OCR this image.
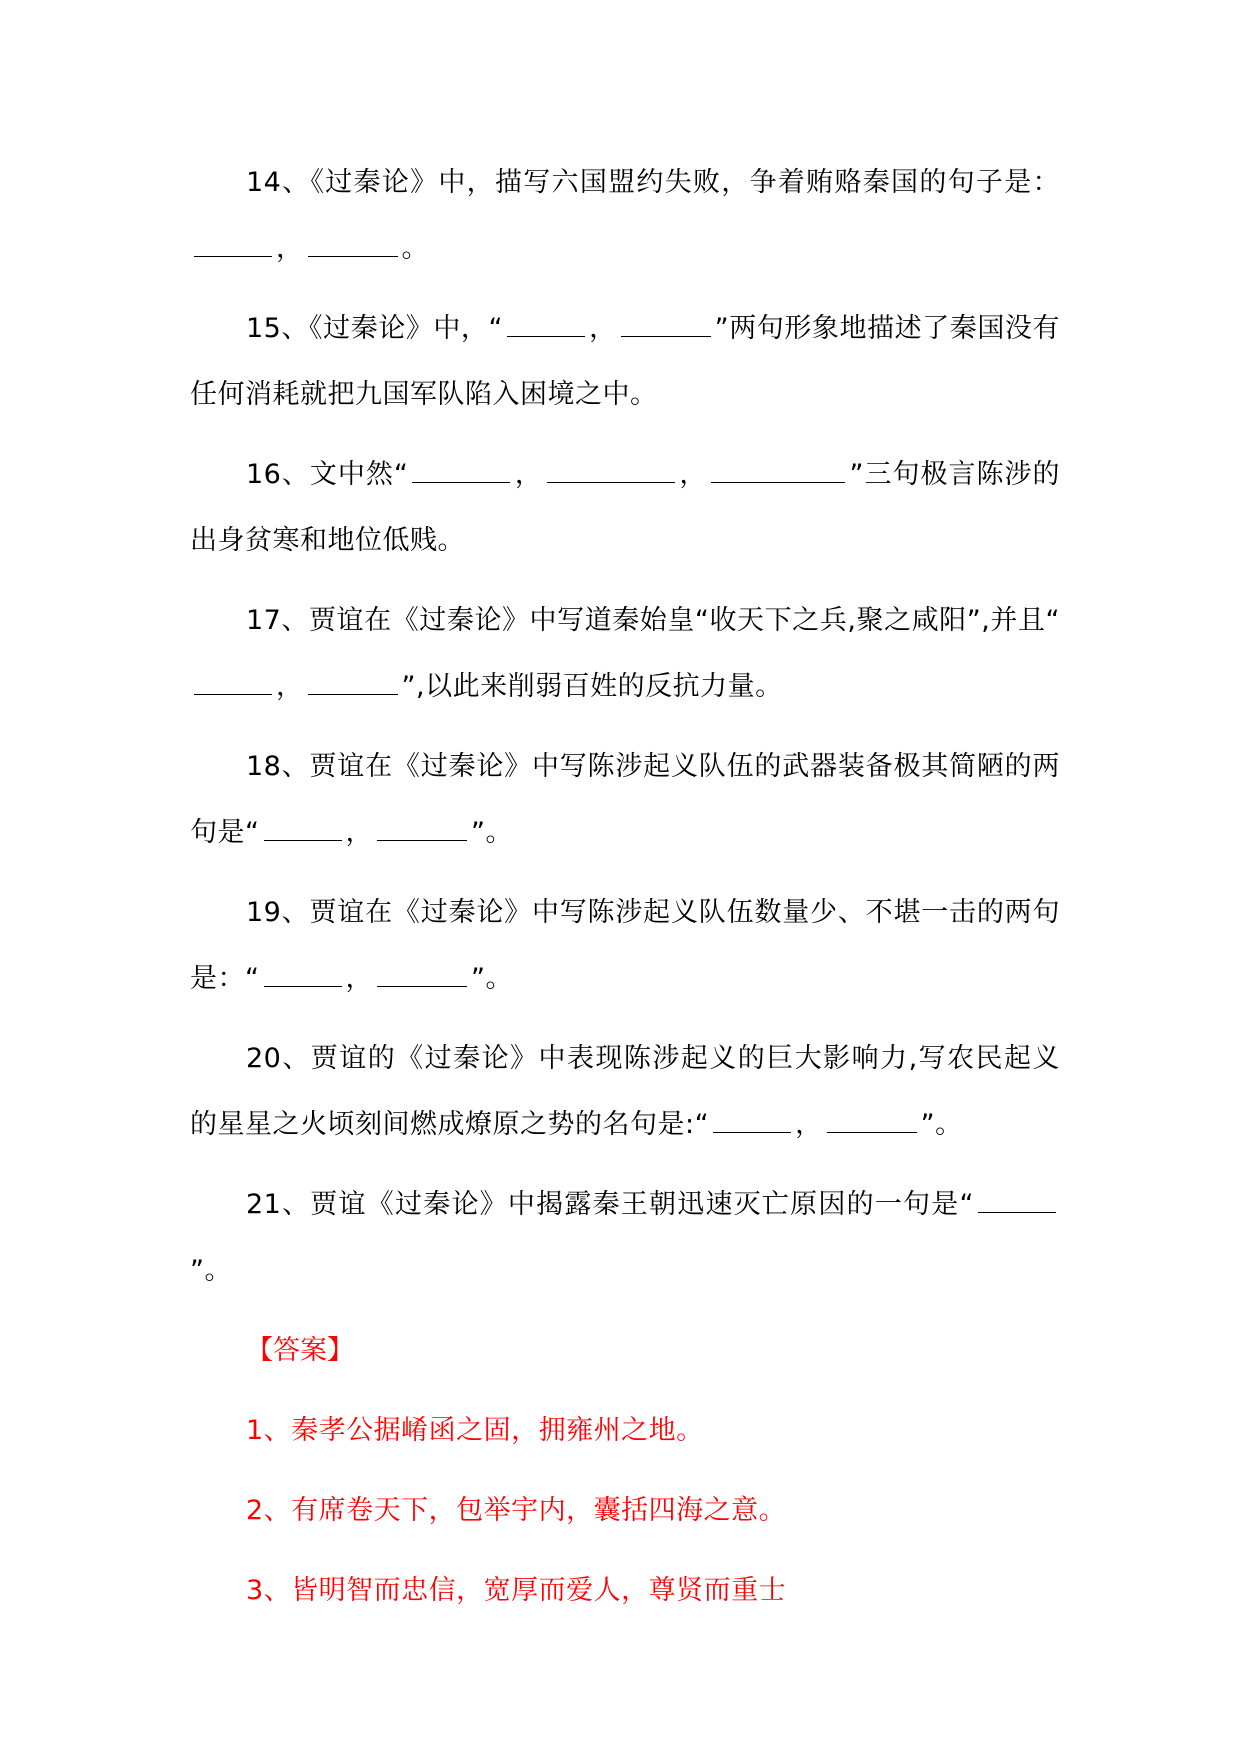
14、《过秦论》中，描写六国盟约失败，争着贿赂秦国的句子是：，	。

15、《过秦论》中，“	，	”两句形象地描述了秦国没有任何消耗就把九国军队陷入困境之中。

16、文中然“	，	，	”三句极言陈涉的出身贫寒和地位低贱。

17、贾谊在《过秦论》中写道秦始皇“收天下之兵,聚之咸阳”,并且“，	”,以此来削弱百姓的反抗力量。

18、贾谊在《过秦论》中写陈涉起义队伍的武器装备极其简陋的两句是“	，	”。

19、贾谊在《过秦论》中写陈涉起义队伍数量少、不堪一击的两句是：“	，	”。

20、贾谊的《过秦论》中表现陈涉起义的巨大影响力,写农民起义的星星之火顷刻间燃成燎原之势的名句是:“	，	”。

21、贾谊《过秦论》中揭露秦王朝迅速灭亡原因的一句是“”。

【答案】

1、秦孝公据崤函之固，拥雍州之地。

2、有席卷天下，包举宇内，囊括四海之意。

3、皆明智而忠信，宽厚而爱人，尊贤而重士
